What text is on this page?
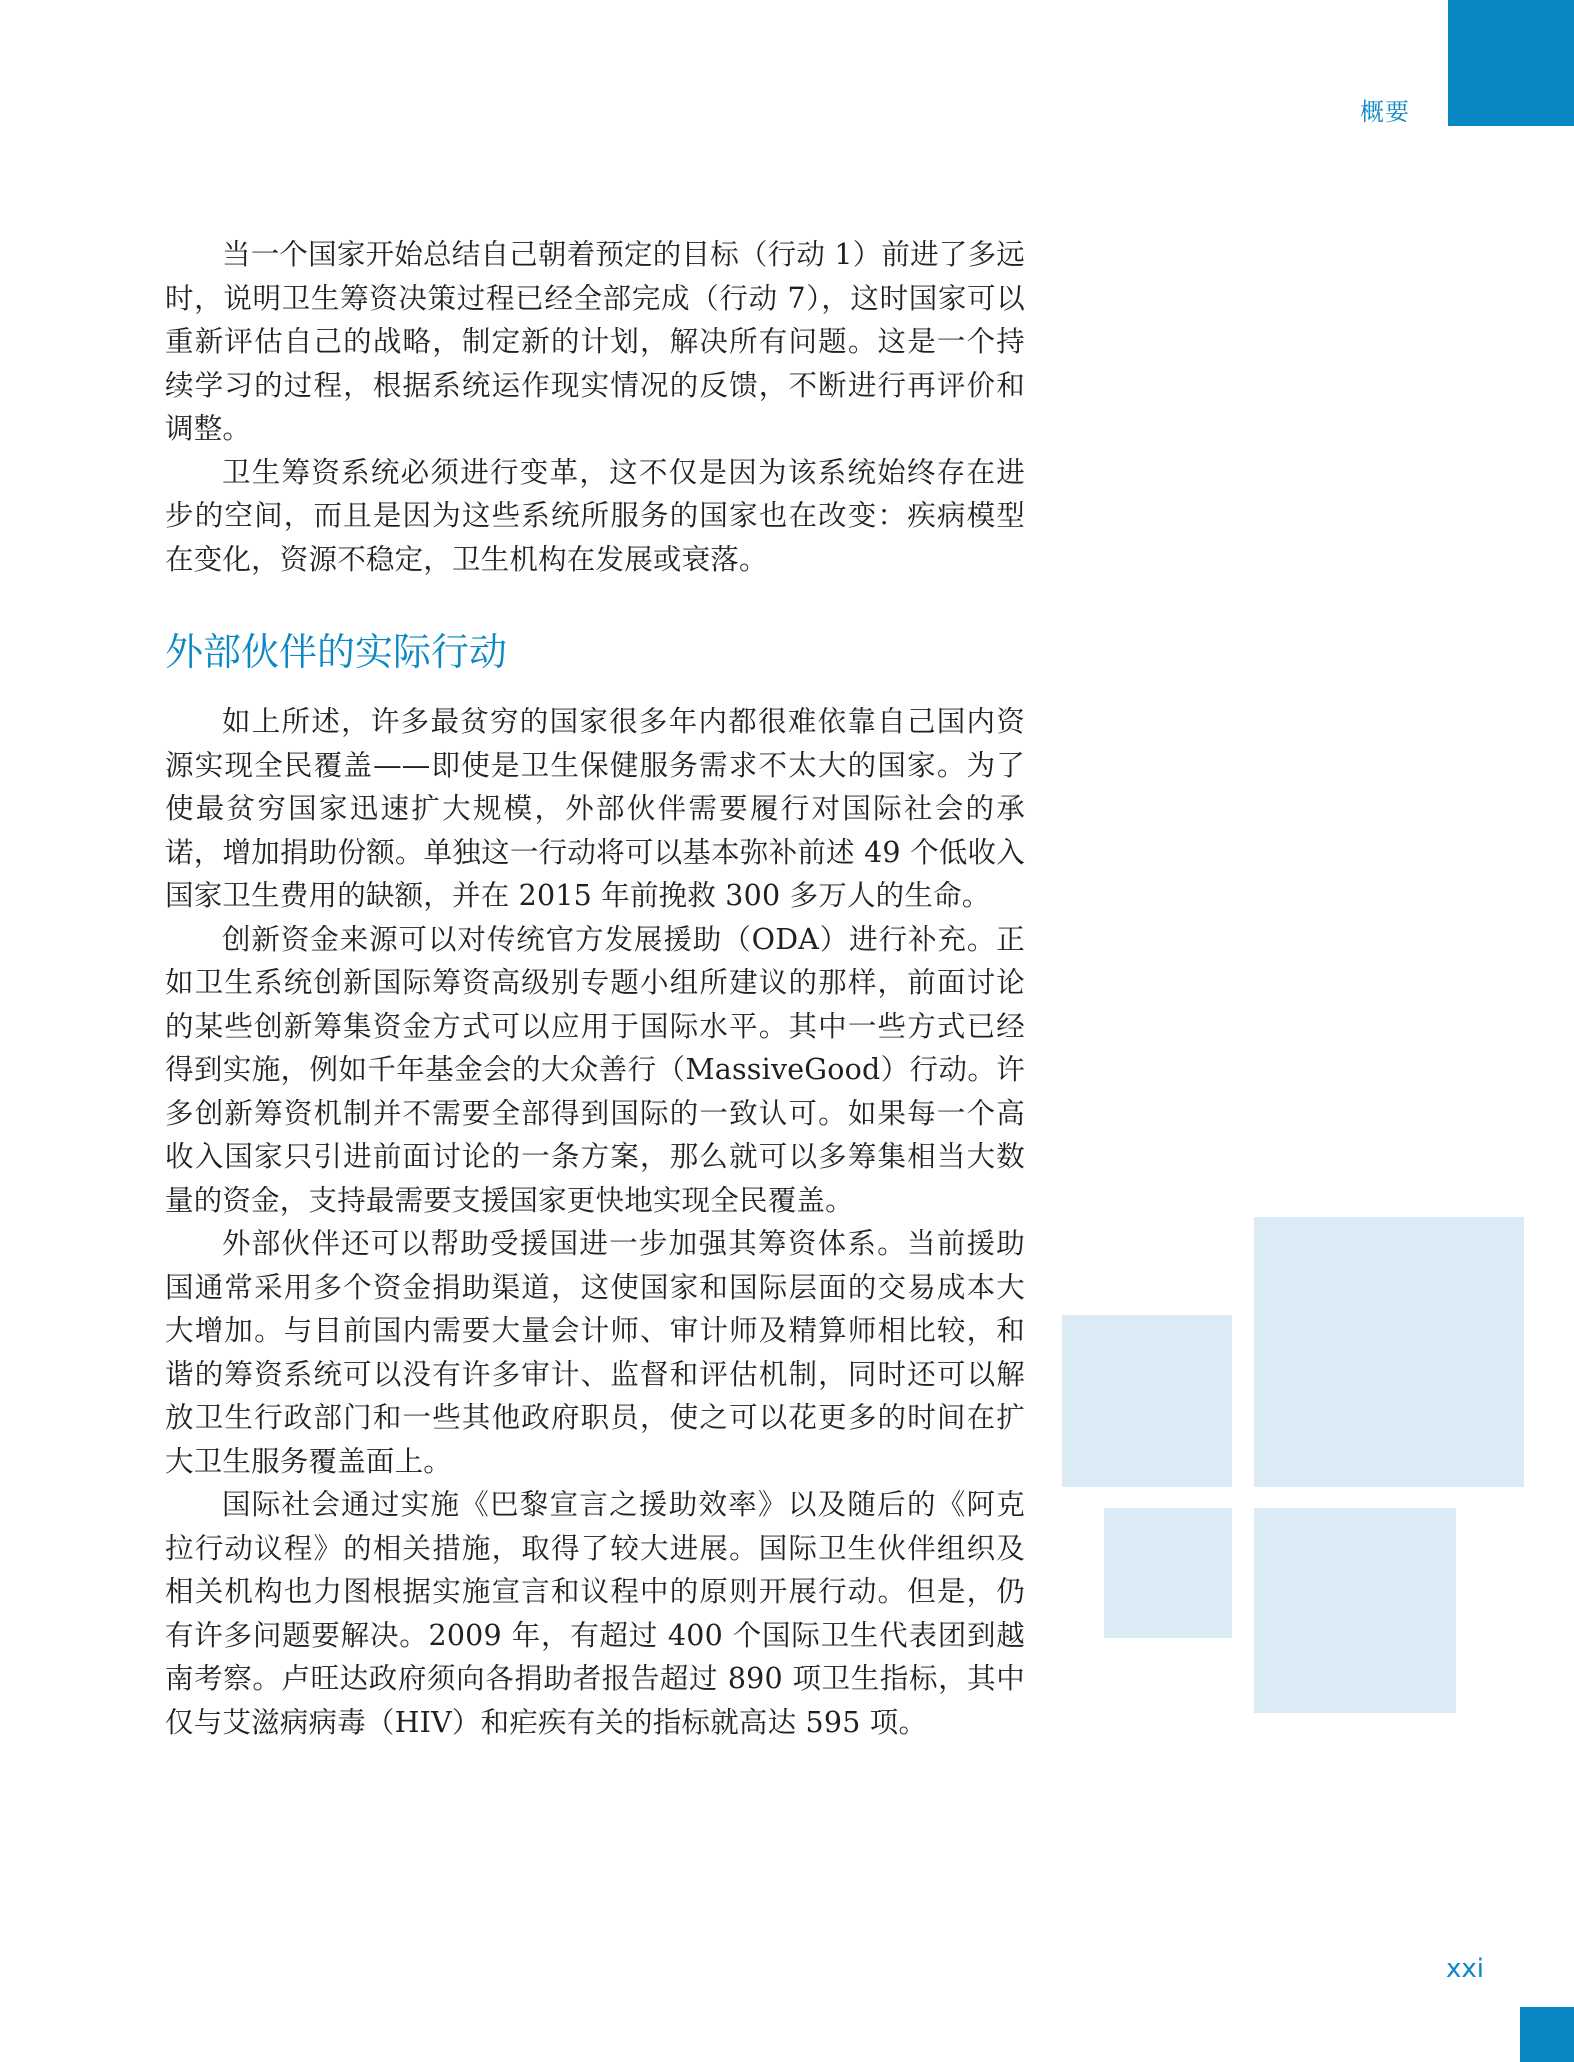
概要

当一个国家开始总结自己朝着预定的目标（行动 1）前进了多远时，说明卫生筹资决策过程已经全部完成（行动 7），这时国家可以重新评估自己的战略，制定新的计划，解决所有问题。这是一个持续学习的过程，根据系统运作现实情况的反馈，不断进行再评价和调整。

卫生筹资系统必须进行变革，这不仅是因为该系统始终存在进步的空间，而且是因为这些系统所服务的国家也在改变：疾病模型在变化，资源不稳定，卫生机构在发展或衰落。

外部伙伴的实际行动

如上所述，许多最贫穷的国家很多年内都很难依靠自己国内资源实现全民覆盖——即使是卫生保健服务需求不太大的国家。为了使最贫穷国家迅速扩大规模，外部伙伴需要履行对国际社会的承诺，增加捐助份额。单独这一行动将可以基本弥补前述 49 个低收入国家卫生费用的缺额，并在 2015 年前挽救 300 多万人的生命。

创新资金来源可以对传统官方发展援助（ODA）进行补充。正如卫生系统创新国际筹资高级别专题小组所建议的那样，前面讨论的某些创新筹集资金方式可以应用于国际水平。其中一些方式已经得到实施，例如千年基金会的大众善行（MassiveGood）行动。许多创新筹资机制并不需要全部得到国际的一致认可。如果每一个高收入国家只引进前面讨论的一条方案，那么就可以多筹集相当大数量的资金，支持最需要支援国家更快地实现全民覆盖。

外部伙伴还可以帮助受援国进一步加强其筹资体系。当前援助国通常采用多个资金捐助渠道，这使国家和国际层面的交易成本大大增加。与目前国内需要大量会计师、审计师及精算师相比较，和谐的筹资系统可以没有许多审计、监督和评估机制，同时还可以解放卫生行政部门和一些其他政府职员，使之可以花更多的时间在扩大卫生服务覆盖面上。

国际社会通过实施《巴黎宣言之援助效率》以及随后的《阿克拉行动议程》的相关措施，取得了较大进展。国际卫生伙伴组织及相关机构也力图根据实施宣言和议程中的原则开展行动。但是，仍有许多问题要解决。2009 年，有超过 400 个国际卫生代表团到越南考察。卢旺达政府须向各捐助者报告超过 890 项卫生指标，其中仅与艾滋病病毒（HIV）和疟疾有关的指标就高达 595 项。

xxi
